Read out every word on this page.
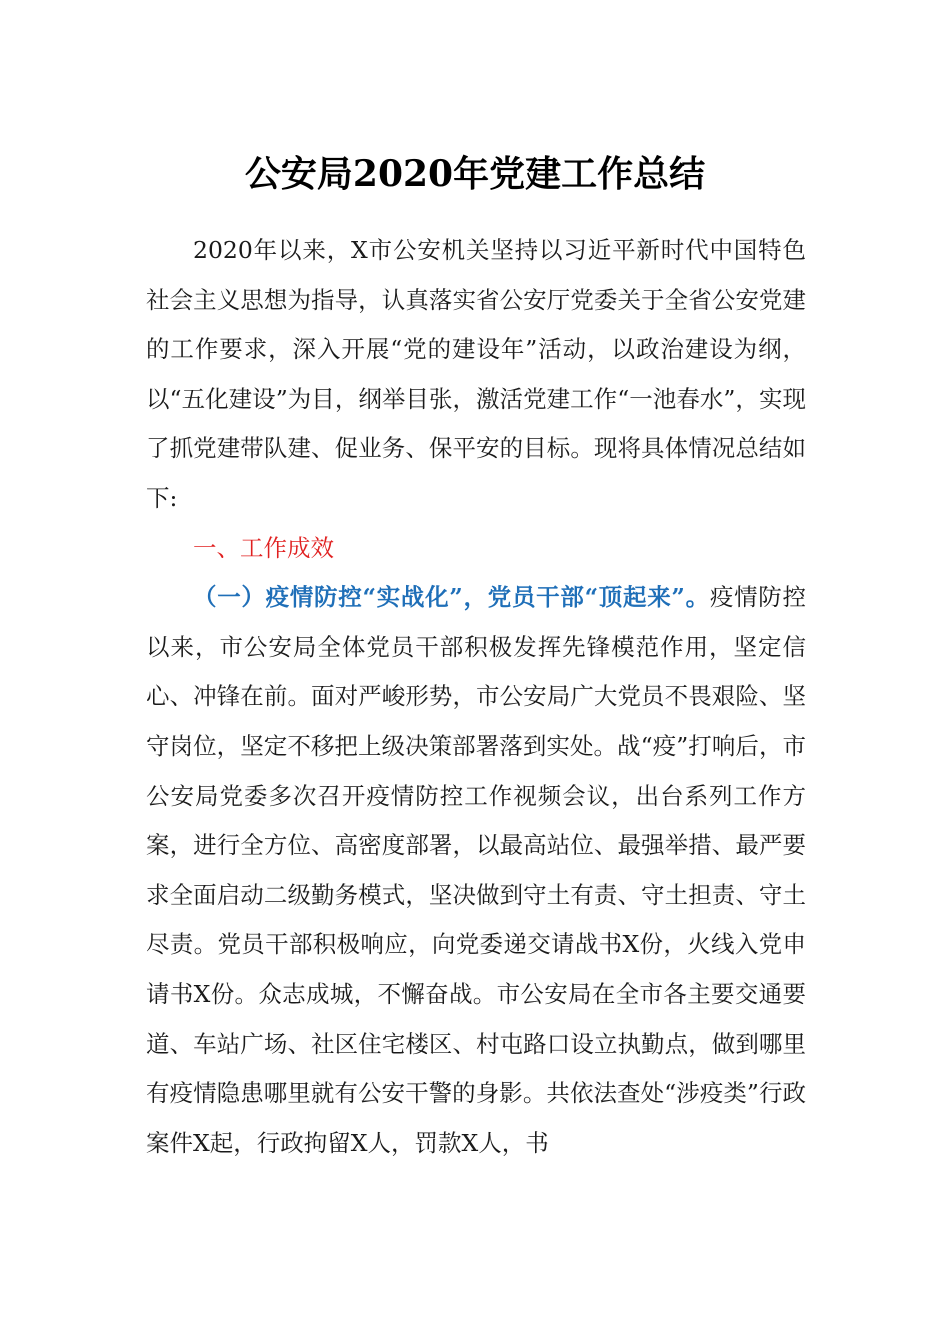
公安局2020年党建工作总结

2020年以来，X市公安机关坚持以习近平新时代中国特色社会主义思想为指导，认真落实省公安厅党委关于全省公安党建的工作要求，深入开展“党的建设年”活动，以政治建设为纲，以“五化建设”为目，纲举目张，激活党建工作“一池春水”，实现了抓党建带队建、促业务、保平安的目标。现将具体情况总结如下:

一、工作成效

（一）疫情防控“实战化”，党员干部“顶起来”。疫情防控以来，市公安局全体党员干部积极发挥先锋模范作用，坚定信心、冲锋在前。面对严峻形势，市公安局广大党员不畏艰险、坚守岗位，坚定不移把上级决策部署落到实处。战“疫”打响后，市公安局党委多次召开疫情防控工作视频会议，出台系列工作方案，进行全方位、高密度部署，以最高站位、最强举措、最严要求全面启动二级勤务模式，坚决做到守土有责、守土担责、守土尽责。党员干部积极响应，向党委递交请战书X份，火线入党申请书X份。众志成城，不懈奋战。市公安局在全市各主要交通要道、车站广场、社区住宅楼区、村屯路口设立执勤点，做到哪里有疫情隐患哪里就有公安干警的身影。共依法查处“涉疫类”行政案件X起，行政拘留X人，罚款X人，书
